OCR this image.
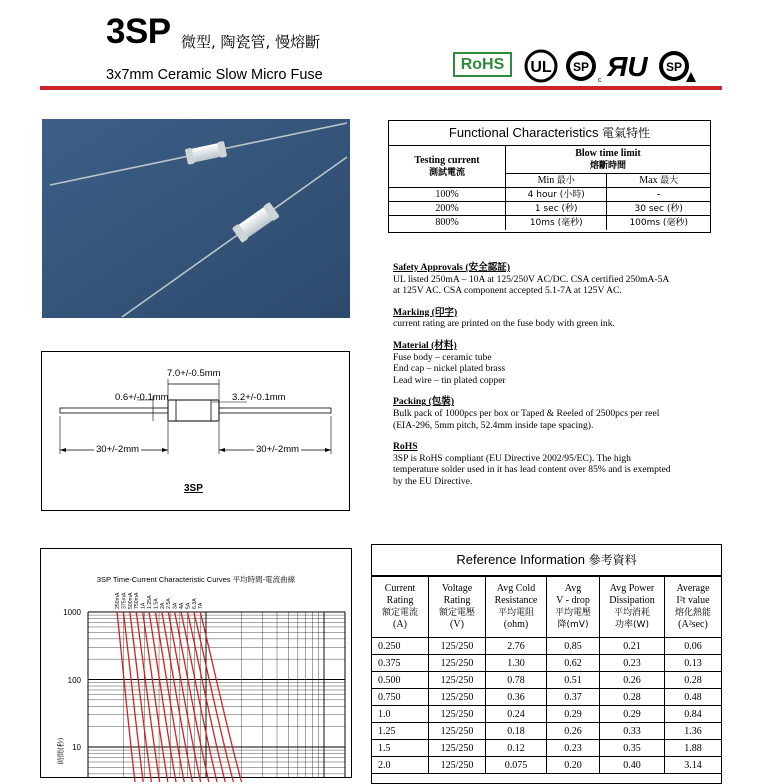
3SP 微型, 陶瓷管, 慢熔斷
3x7mm Ceramic Slow Micro Fuse
RoHS	UL SP
c ЯU SP
7.0+/-0.5mm
0.6+/-0.1mm	3.2+/-0.1mm
30+/-2mm	30+/-2mm
3SP
Functional Characteristics 電氣特性		
Testing current
測試電流	Blow time limit
熔斷時間	
	Min 最小	Max 最大
100%	4 hour (小時)	-
200%	1 sec (秒)	30 sec (秒)
800%	10ms (毫秒)	100ms (毫秒)

Safety Approvals (安全認証)

UL listed 250mA – 10A at 125/250V AC/DC. CSA certified 250mA-5A

at 125V AC. CSA component accepted 5.1-7A at 125V AC.

Marking (印字)

current rating are printed on the fuse body with green ink.

Material (材料)

Fuse body – ceramic tube

End cap – nickel plated brass

Lead wire – tin plated copper

Packing (包裝)

Bulk pack of 1000pcs per box or Taped & Reeled of 2500pcs per reel

(EIA-296, 5mm pitch, 52.4mm inside tape spacing).

RoHS

3SP is RoHS compliant (EU Directive 2002/95/EC). The high

temperature solder used in it has lead content over 85% and is exempted

by the EU Directive.

3SP Time-Current Characteristic Curves 平均時間-電流曲線
250mA 375mA 500mA 750mA 1A 1.25A 1.5A 2A 2.5A 3A 4A 5A 6.3A 7A
1000
100
10
時間(秒)
Reference Information 參考資料
Current
Rating
額定電流
(A)	Voltage
Rating
額定電壓
(V)	Avg Cold
Resistance
平均電阻
(ohm)	Avg
V - drop
平均電壓
降(mV)	Avg Power
Dissipation
平均消耗
功率(W)	Average
I²t value
熔化熱能
(A²sec)
0.250	125/250	2.76	0.85	0.21	0.06
0.375	125/250	1.30	0.62	0.23	0.13
0.500	125/250	0.78	0.51	0.26	0.28
0.750	125/250	0.36	0.37	0.28	0.48
1.0	125/250	0.24	0.29	0.29	0.84
1.25	125/250	0.18	0.26	0.33	1.36
1.5	125/250	0.12	0.23	0.35	1.88
2.0	125/250	0.075	0.20	0.40	3.14
